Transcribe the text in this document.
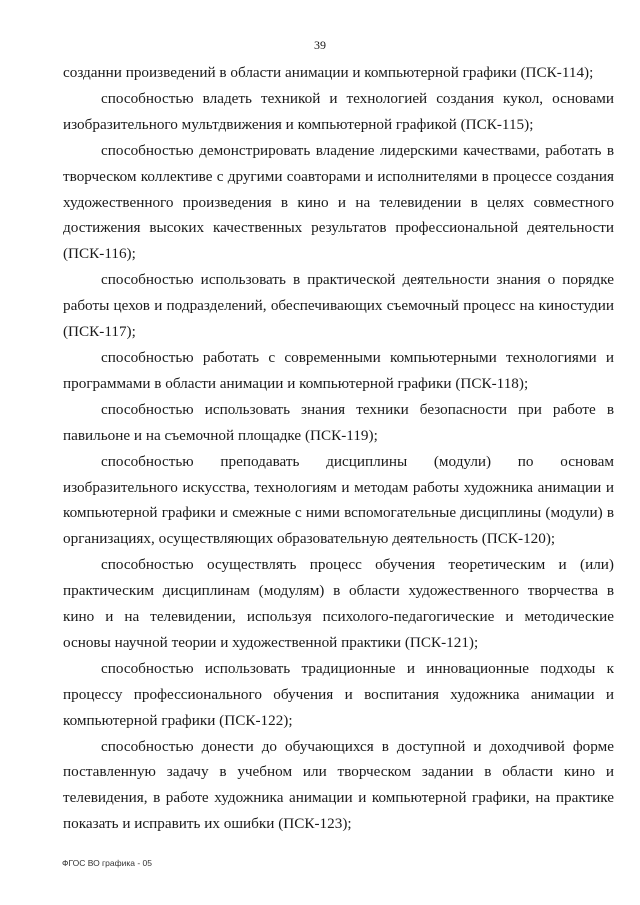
39

созданни произведений в области анимации и компьютерной графики (ПСК-114);

способностью владеть техникой и технологией создания кукол, основами изобразительного мультдвижения и компьютерной графикой (ПСК-115);

способностью демонстрировать владение лидерскими качествами, работать в творческом коллективе с другими соавторами и исполнителями в процессе создания художественного произведения в кино и на телевидении в целях совместного достижения высоких качественных результатов профессиональной деятельности (ПСК-116);

способностью использовать в практической деятельности знания о порядке работы цехов и подразделений, обеспечивающих съемочный процесс на киностудии (ПСК-117);

способностью работать с современными компьютерными технологиями и программами в области анимации и компьютерной графики (ПСК-118);

способностью использовать знания техники безопасности при работе в павильоне и на съемочной площадке (ПСК-119);

способностью преподавать дисциплины (модули) по основам изобразительного искусства, технологиям и методам работы художника анимации и компьютерной графики и смежные с ними вспомогательные дисциплины (модули) в организациях, осуществляющих образовательную деятельность (ПСК-120);

способностью осуществлять процесс обучения теоретическим и (или) практическим дисциплинам (модулям) в области художественного творчества в кино и на телевидении, используя психолого-педагогические и методические основы научной теории и художественной практики (ПСК-121);

способностью использовать традиционные и инновационные подходы к процессу профессионального обучения и воспитания художника анимации и компьютерной графики (ПСК-122);

способностью донести до обучающихся в доступной и доходчивой форме поставленную задачу в учебном или творческом задании в области кино и телевидения, в работе художника анимации и компьютерной графики, на практике показать и исправить их ошибки (ПСК-123);

ФГОС ВО графика - 05
